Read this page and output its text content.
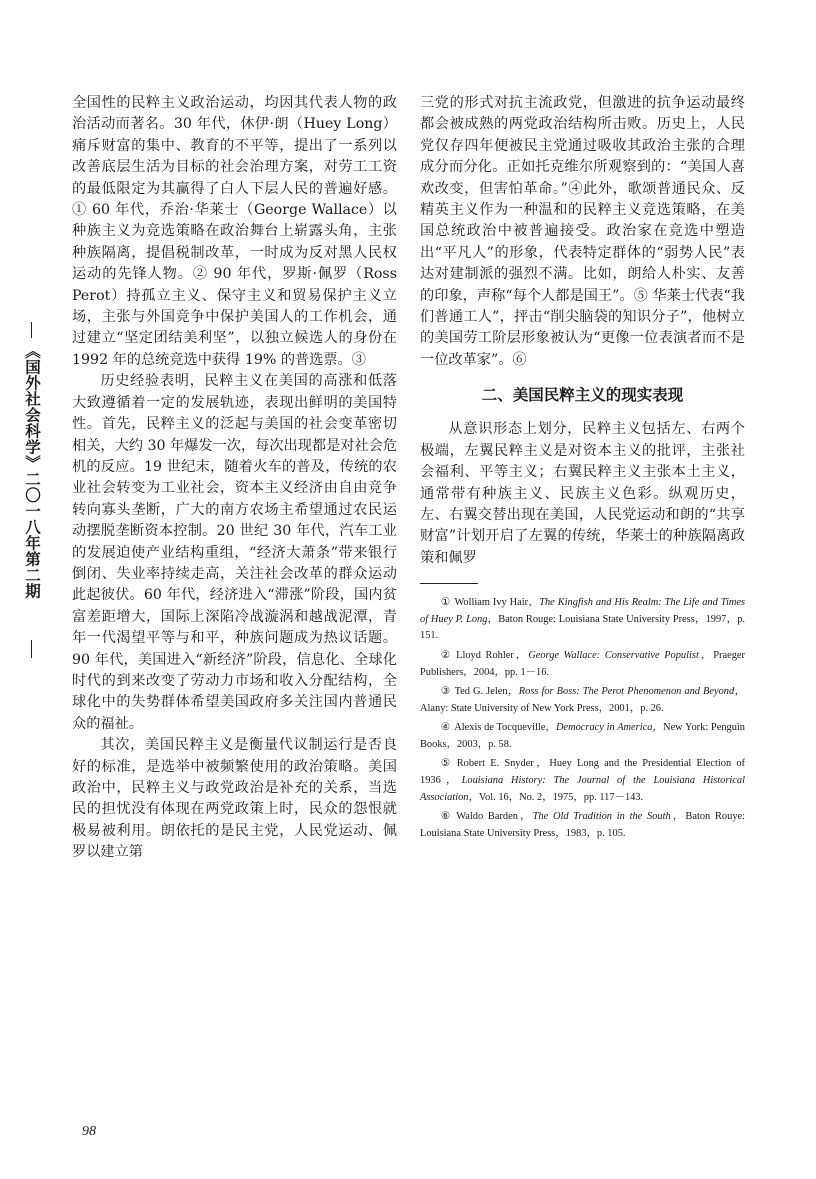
《国外社会科学》二〇一八年第二期

全国性的民粹主义政治运动，均因其代表人物的政治活动而著名。30 年代，休伊·朗（Huey Long）痛斥财富的集中、教育的不平等，提出了一系列以改善底层生活为目标的社会治理方案，对劳工工资的最低限定为其赢得了白人下层人民的普遍好感。① 60 年代，乔治·华莱士（George Wallace）以种族主义为竞选策略在政治舞台上崭露头角，主张种族隔离，提倡税制改革，一时成为反对黑人民权运动的先锋人物。② 90 年代，罗斯·佩罗（Ross Perot）持孤立主义、保守主义和贸易保护主义立场，主张与外国竞争中保护美国人的工作机会，通过建立“坚定团结美利坚”，以独立候选人的身份在 1992 年的总统竞选中获得 19% 的普选票。③

历史经验表明，民粹主义在美国的高涨和低落大致遵循着一定的发展轨迹，表现出鲜明的美国特性。首先，民粹主义的泛起与美国的社会变革密切相关，大约 30 年爆发一次，每次出现都是对社会危机的反应。19 世纪末，随着火车的普及，传统的农业社会转变为工业社会，资本主义经济由自由竞争转向寡头垄断，广大的南方农场主希望通过农民运动摆脱垄断资本控制。20 世纪 30 年代，汽车工业的发展迫使产业结构重组，“经济大萧条”带来银行倒闭、失业率持续走高，关注社会改革的群众运动此起彼伏。60 年代，经济进入“滞涨”阶段，国内贫富差距增大，国际上深陷冷战漩涡和越战泥潭，青年一代渴望平等与和平，种族问题成为热议话题。90 年代，美国进入“新经济”阶段，信息化、全球化时代的到来改变了劳动力市场和收入分配结构，全球化中的失势群体希望美国政府多关注国内普通民众的福祉。

其次，美国民粹主义是衡量代议制运行是否良好的标准，是选举中被频繁使用的政治策略。美国政治中，民粹主义与政党政治是补充的关系，当选民的担忧没有体现在两党政策上时，民众的怨恨就极易被利用。朗依托的是民主党，人民党运动、佩罗以建立第

三党的形式对抗主流政党，但激进的抗争运动最终都会被成熟的两党政治结构所击败。历史上，人民党仅存四年便被民主党通过吸收其政治主张的合理成分而分化。正如托克维尔所观察到的：“美国人喜欢改变，但害怕革命。”④此外，歌颂普通民众、反精英主义作为一种温和的民粹主义竞选策略，在美国总统政治中被普遍接受。政治家在竞选中塑造出“平凡人”的形象，代表特定群体的“弱势人民”表达对建制派的强烈不满。比如，朗给人朴实、友善的印象，声称“每个人都是国王”。⑤ 华莱士代表“我们普通工人”，抨击“削尖脑袋的知识分子”，他树立的美国劳工阶层形象被认为“更像一位表演者而不是一位改革家”。⑥

二、美国民粹主义的现实表现

从意识形态上划分，民粹主义包括左、右两个极端，左翼民粹主义是对资本主义的批评，主张社会福利、平等主义；右翼民粹主义主张本土主义，通常带有种族主义、民族主义色彩。纵观历史，左、右翼交替出现在美国，人民党运动和朗的“共享财富”计划开启了左翼的传统，华莱士的种族隔离政策和佩罗

① Wolliam Ivy Hair，The Kingfish and His Realm: The Life and Times of Huey P. Long，Baton Rouge: Louisiana State University Press，1997，p. 151.

② Lloyd Rohler，George Wallace: Conservative Populist，Praeger Publishers，2004，pp. 1－16.

③ Ted G. Jelen，Ross for Boss: The Perot Phenomenon and Beyond，Alany: State University of New York Press，2001，p. 26.

④ Alexis de Tocqueville，Democracy in America，New York: Penguin Books，2003，p. 58.

⑤ Robert E. Snyder，Huey Long and the Presidential Election of 1936，Louisiana History: The Journal of the Louisiana Historical Association，Vol. 16，No. 2，1975，pp. 117－143.

⑥ Waldo Barden，The Old Tradition in the South，Baton Rouye: Louisiana State University Press，1983，p. 105.

98
